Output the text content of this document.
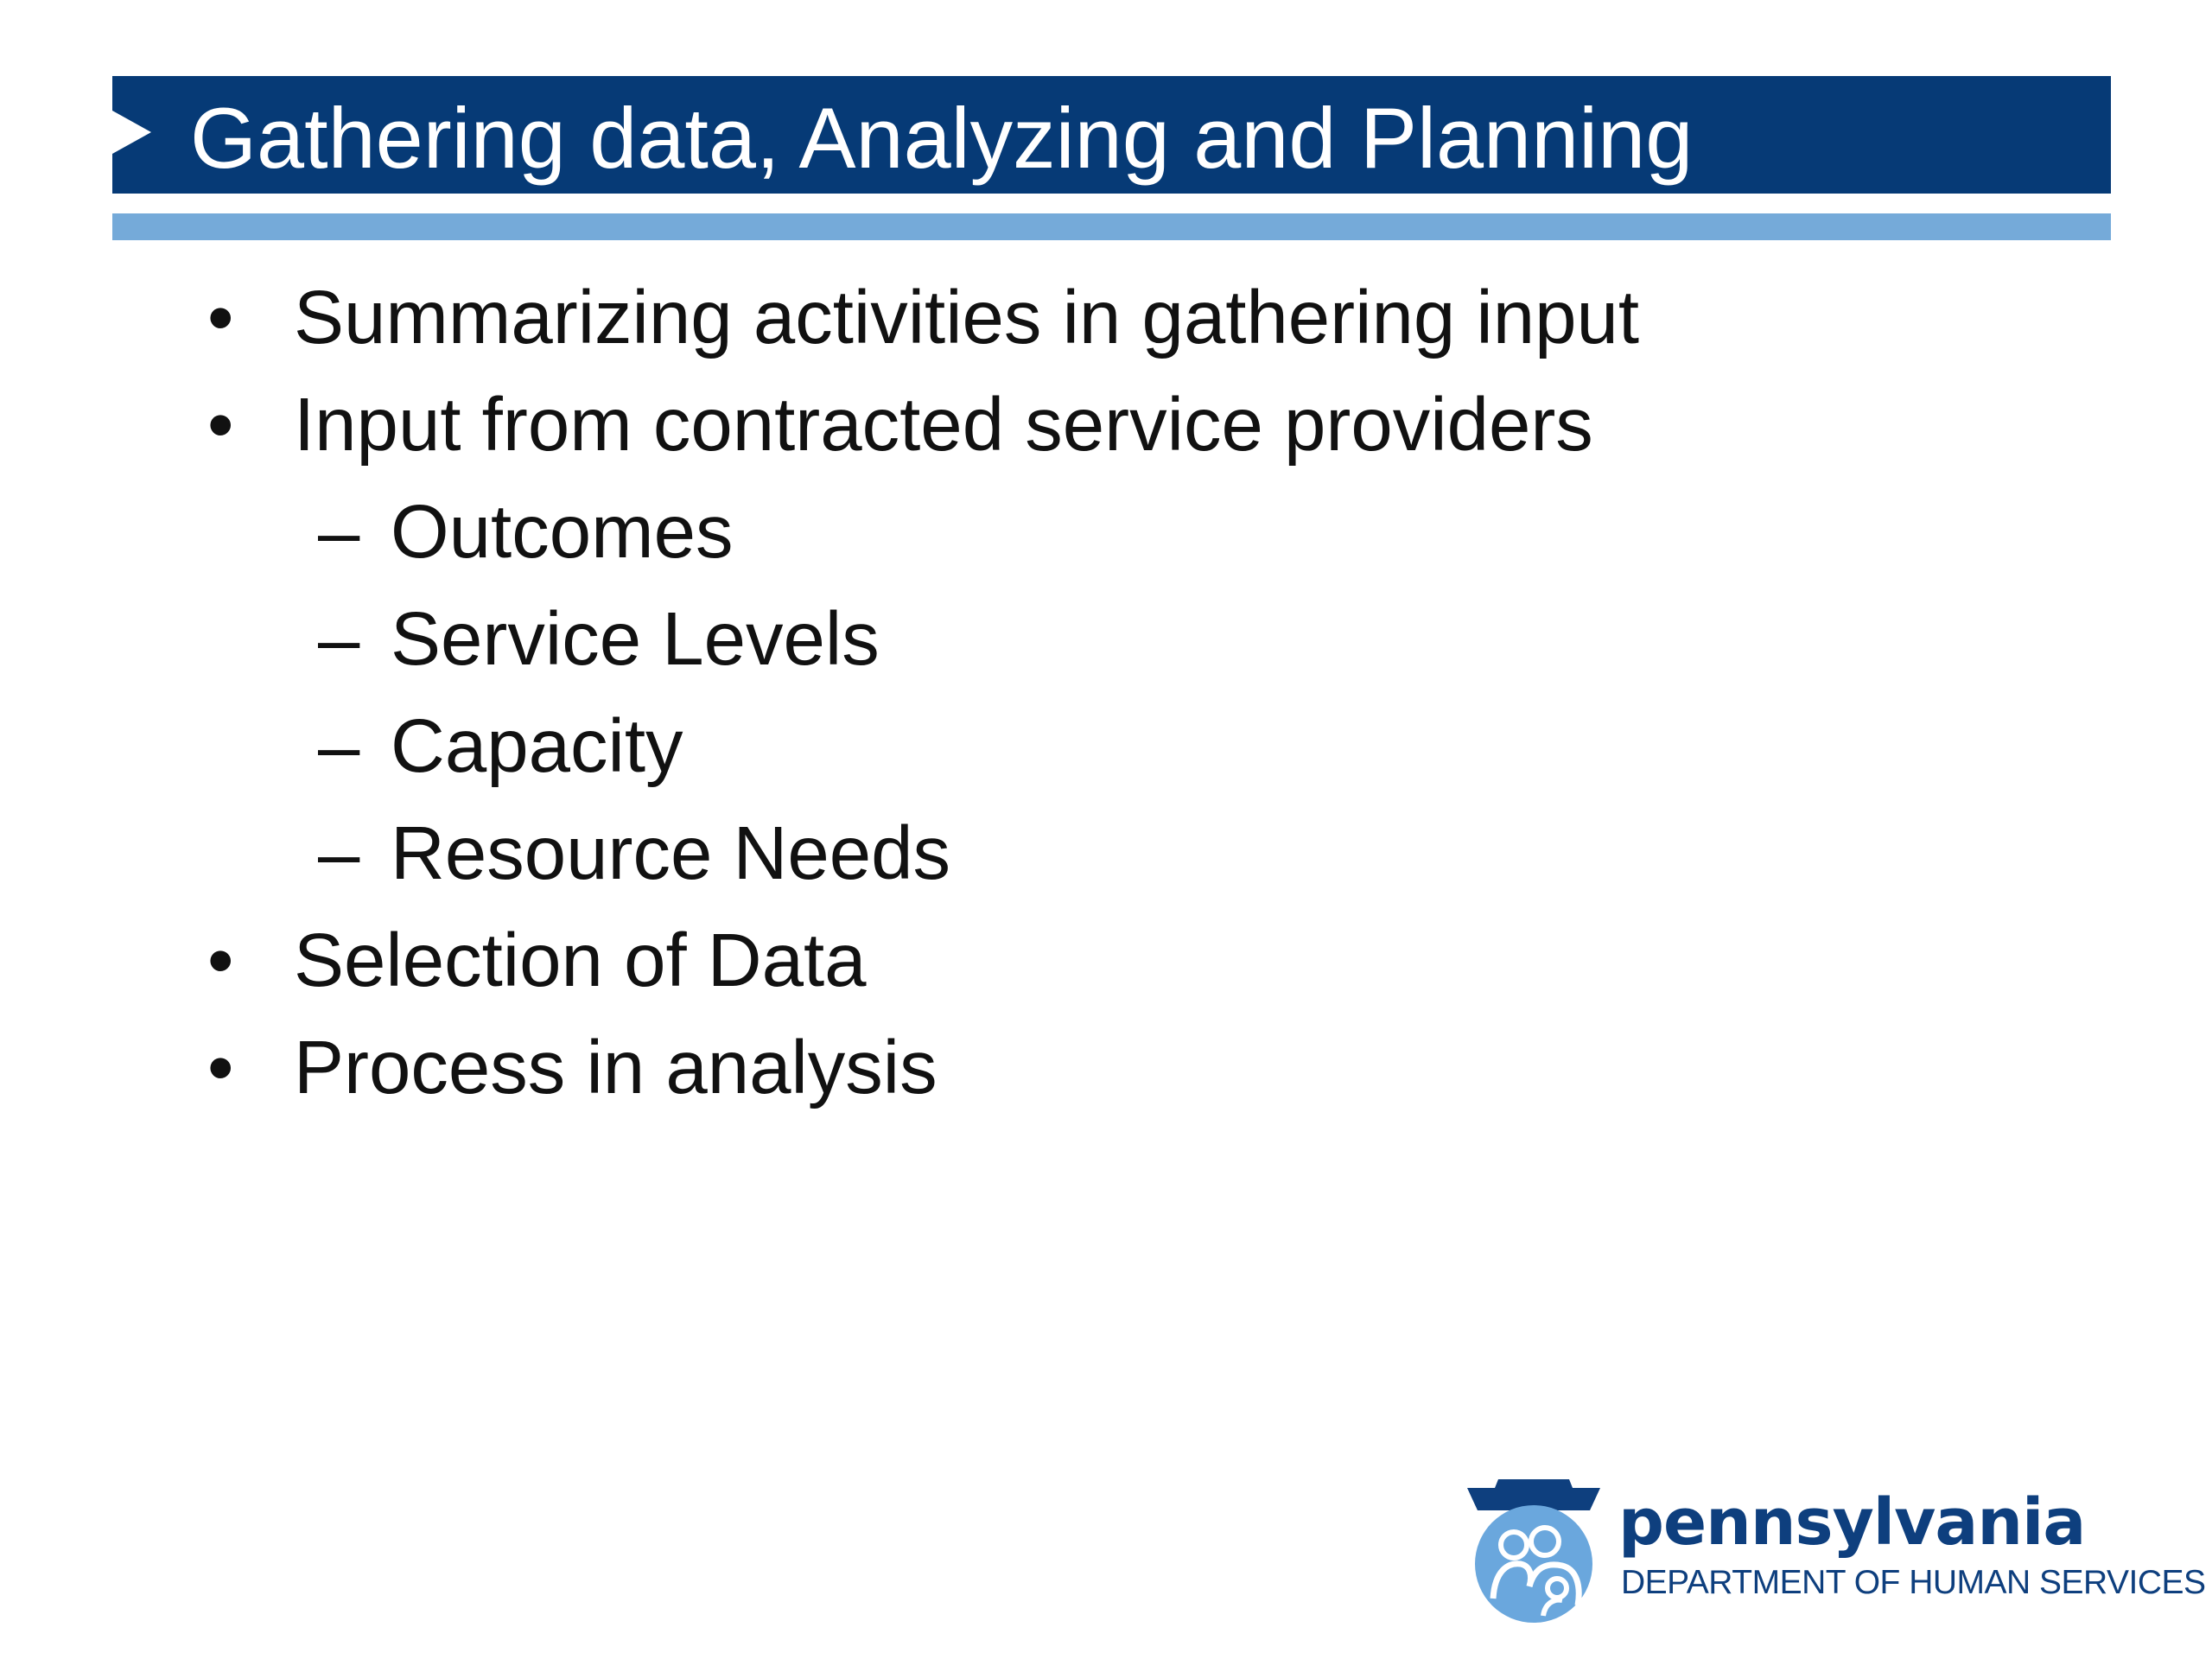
Gathering data, Analyzing and Planning
• Summarizing activities in gathering input
• Input from contracted service providers
– Outcomes
– Service Levels
– Capacity
– Resource Needs
• Selection of Data
• Process in analysis
pennsylvania
DEPARTMENT OF HUMAN SERVICES
